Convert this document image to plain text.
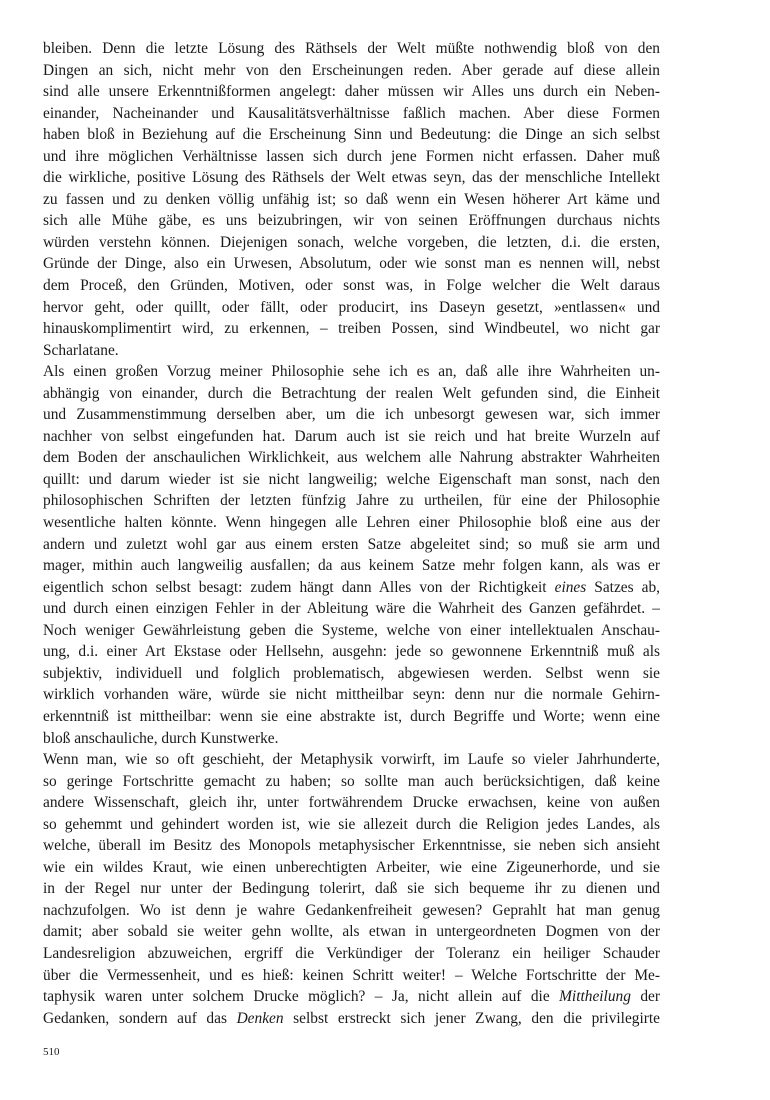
bleiben. Denn die letzte Lösung des Räthsels der Welt müßte nothwendig bloß von den
Dingen an sich, nicht mehr von den Erscheinungen reden. Aber gerade auf diese allein
sind alle unsere Erkenntnißformen angelegt: daher müssen wir Alles uns durch ein Neben-
einander, Nacheinander und Kausalitätsverhältnisse faßlich machen. Aber diese Formen
haben bloß in Beziehung auf die Erscheinung Sinn und Bedeutung: die Dinge an sich selbst
und ihre möglichen Verhältnisse lassen sich durch jene Formen nicht erfassen. Daher muß
die wirkliche, positive Lösung des Räthsels der Welt etwas seyn, das der menschliche Intellekt
zu fassen und zu denken völlig unfähig ist; so daß wenn ein Wesen höherer Art käme und
sich alle Mühe gäbe, es uns beizubringen, wir von seinen Eröffnungen durchaus nichts
würden verstehn können. Diejenigen sonach, welche vorgeben, die letzten, d.i. die ersten,
Gründe der Dinge, also ein Urwesen, Absolutum, oder wie sonst man es nennen will, nebst
dem Proceß, den Gründen, Motiven, oder sonst was, in Folge welcher die Welt daraus
hervor geht, oder quillt, oder fällt, oder producirt, ins Daseyn gesetzt, »entlassen« und
hinauskomplimentirt wird, zu erkennen, – treiben Possen, sind Windbeutel, wo nicht gar
Scharlatane.
Als einen großen Vorzug meiner Philosophie sehe ich es an, daß alle ihre Wahrheiten un-
abhängig von einander, durch die Betrachtung der realen Welt gefunden sind, die Einheit
und Zusammenstimmung derselben aber, um die ich unbesorgt gewesen war, sich immer
nachher von selbst eingefunden hat. Darum auch ist sie reich und hat breite Wurzeln auf
dem Boden der anschaulichen Wirklichkeit, aus welchem alle Nahrung abstrakter Wahrheiten
quillt: und darum wieder ist sie nicht langweilig; welche Eigenschaft man sonst, nach den
philosophischen Schriften der letzten fünfzig Jahre zu urtheilen, für eine der Philosophie
wesentliche halten könnte. Wenn hingegen alle Lehren einer Philosophie bloß eine aus der
andern und zuletzt wohl gar aus einem ersten Satze abgeleitet sind; so muß sie arm und
mager, mithin auch langweilig ausfallen; da aus keinem Satze mehr folgen kann, als was er
eigentlich schon selbst besagt: zudem hängt dann Alles von der Richtigkeit eines Satzes ab,
und durch einen einzigen Fehler in der Ableitung wäre die Wahrheit des Ganzen gefährdet. –
Noch weniger Gewährleistung geben die Systeme, welche von einer intellektualen Anschau-
ung, d.i. einer Art Ekstase oder Hellsehn, ausgehn: jede so gewonnene Erkenntniß muß als
subjektiv, individuell und folglich problematisch, abgewiesen werden. Selbst wenn sie
wirklich vorhanden wäre, würde sie nicht mittheilbar seyn: denn nur die normale Gehirn-
erkenntniß ist mittheilbar: wenn sie eine abstrakte ist, durch Begriffe und Worte; wenn eine
bloß anschauliche, durch Kunstwerke.
Wenn man, wie so oft geschieht, der Metaphysik vorwirft, im Laufe so vieler Jahrhunderte,
so geringe Fortschritte gemacht zu haben; so sollte man auch berücksichtigen, daß keine
andere Wissenschaft, gleich ihr, unter fortwährendem Drucke erwachsen, keine von außen
so gehemmt und gehindert worden ist, wie sie allezeit durch die Religion jedes Landes, als
welche, überall im Besitz des Monopols metaphysischer Erkenntnisse, sie neben sich ansieht
wie ein wildes Kraut, wie einen unberechtigten Arbeiter, wie eine Zigeunerhorde, und sie
in der Regel nur unter der Bedingung tolerirt, daß sie sich bequeme ihr zu dienen und
nachzufolgen. Wo ist denn je wahre Gedankenfreiheit gewesen? Geprahlt hat man genug
damit; aber sobald sie weiter gehn wollte, als etwan in untergeordneten Dogmen von der
Landesreligion abzuweichen, ergriff die Verkündiger der Toleranz ein heiliger Schauder
über die Vermessenheit, und es hieß: keinen Schritt weiter! – Welche Fortschritte der Me-
taphysik waren unter solchem Drucke möglich? – Ja, nicht allein auf die Mittheilung der
Gedanken, sondern auf das Denken selbst erstreckt sich jener Zwang, den die privilegirte
510
